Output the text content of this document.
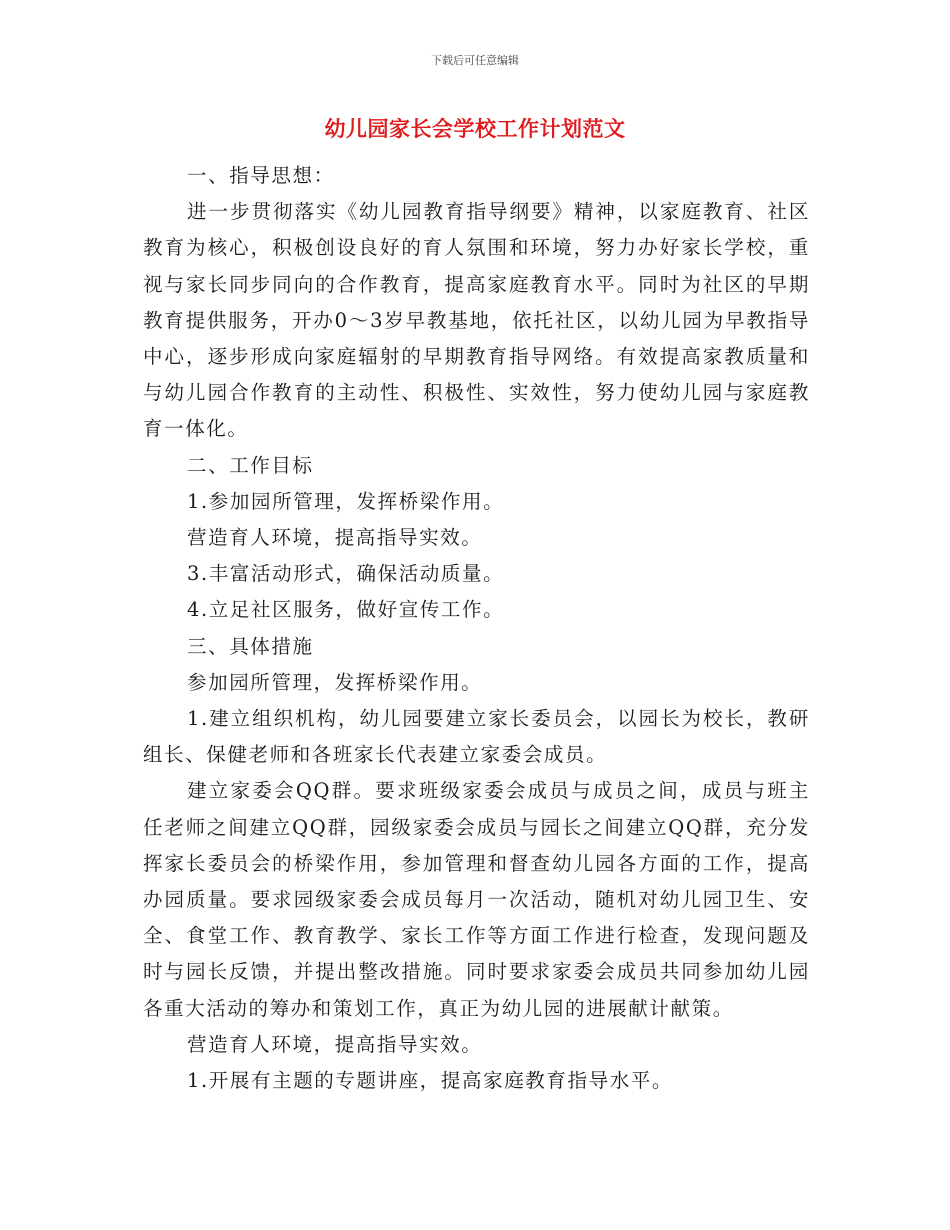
下载后可任意编辑
幼儿园家长会学校工作计划范文

一、指导思想：

进一步贯彻落实《幼儿园教育指导纲要》精神，以家庭教育、社区教育为核心，积极创设良好的育人氛围和环境，努力办好家长学校，重视与家长同步同向的合作教育，提高家庭教育水平。同时为社区的早期教育提供服务，开办0～3岁早教基地，依托社区，以幼儿园为早教指导中心，逐步形成向家庭辐射的早期教育指导网络。有效提高家教质量和与幼儿园合作教育的主动性、积极性、实效性，努力使幼儿园与家庭教育一体化。

二、工作目标

1.参加园所管理，发挥桥梁作用。

营造育人环境，提高指导实效。

3.丰富活动形式，确保活动质量。

4.立足社区服务，做好宣传工作。

三、具体措施

参加园所管理，发挥桥梁作用。

1.建立组织机构，幼儿园要建立家长委员会，以园长为校长，教研组长、保健老师和各班家长代表建立家委会成员。

建立家委会QQ群。要求班级家委会成员与成员之间，成员与班主任老师之间建立QQ群，园级家委会成员与园长之间建立QQ群，充分发挥家长委员会的桥梁作用，参加管理和督查幼儿园各方面的工作，提高办园质量。要求园级家委会成员每月一次活动，随机对幼儿园卫生、安全、食堂工作、教育教学、家长工作等方面工作进行检查，发现问题及时与园长反馈，并提出整改措施。同时要求家委会成员共同参加幼儿园各重大活动的筹办和策划工作，真正为幼儿园的进展献计献策。

营造育人环境，提高指导实效。

1.开展有主题的专题讲座，提高家庭教育指导水平。
